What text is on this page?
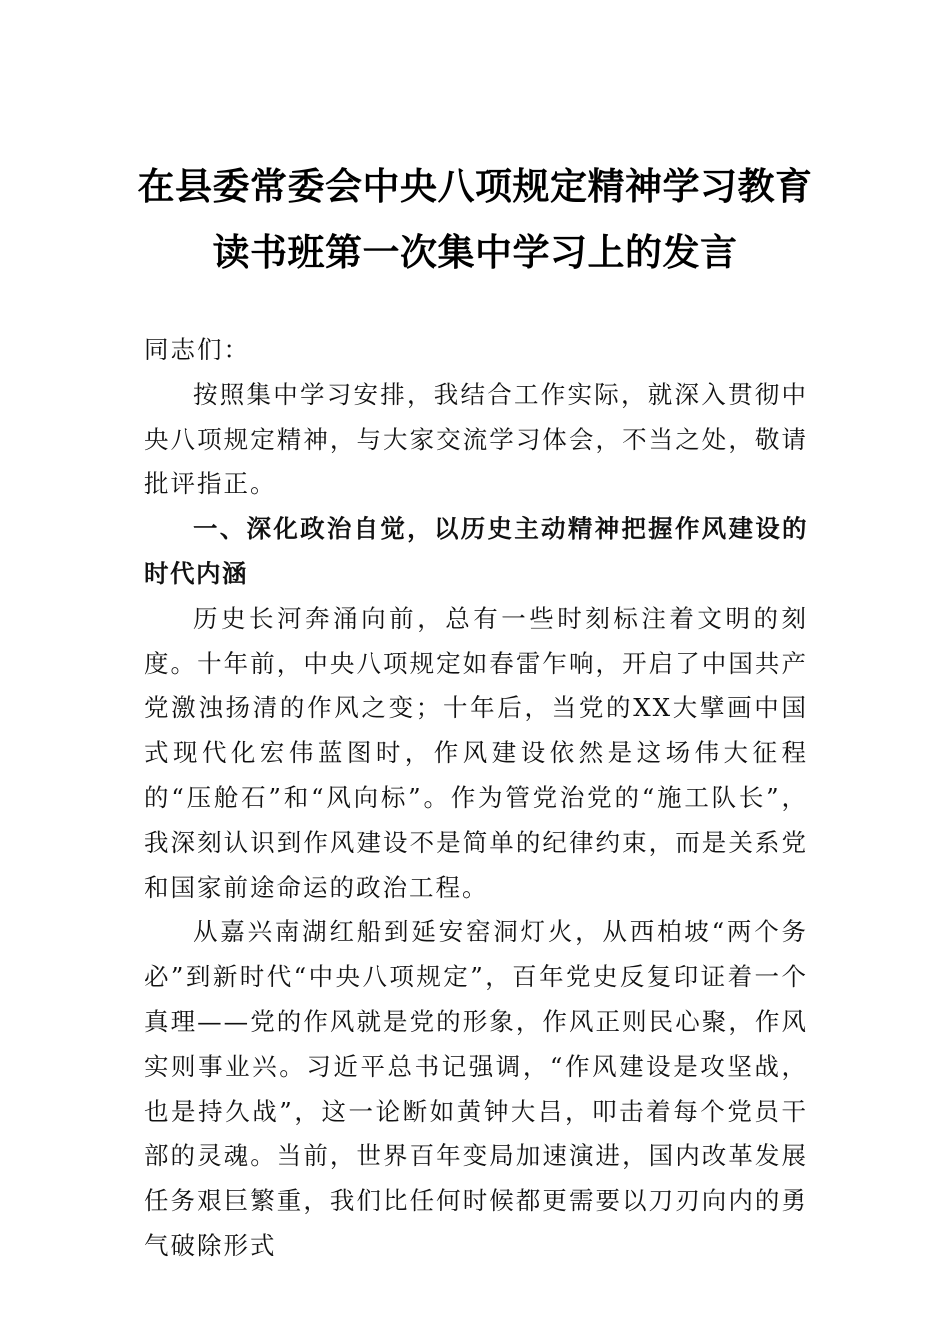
在县委常委会中央八项规定精神学习教育
读书班第一次集中学习上的发言

同志们：

按照集中学习安排，我结合工作实际，就深入贯彻中央八项规定精神，与大家交流学习体会，不当之处，敬请批评指正。

一、深化政治自觉，以历史主动精神把握作风建设的时代内涵

历史长河奔涌向前，总有一些时刻标注着文明的刻度。十年前，中央八项规定如春雷乍响，开启了中国共产党激浊扬清的作风之变；十年后，当党的XX大擘画中国式现代化宏伟蓝图时，作风建设依然是这场伟大征程的“压舱石”和“风向标”。作为管党治党的“施工队长”，我深刻认识到作风建设不是简单的纪律约束，而是关系党和国家前途命运的政治工程。

从嘉兴南湖红船到延安窑洞灯火，从西柏坡“两个务必”到新时代“中央八项规定”，百年党史反复印证着一个真理——党的作风就是党的形象，作风正则民心聚，作风实则事业兴。习近平总书记强调，“作风建设是攻坚战，也是持久战”，这一论断如黄钟大吕，叩击着每个党员干部的灵魂。当前，世界百年变局加速演进，国内改革发展任务艰巨繁重，我们比任何时候都更需要以刀刃向内的勇气破除形式
